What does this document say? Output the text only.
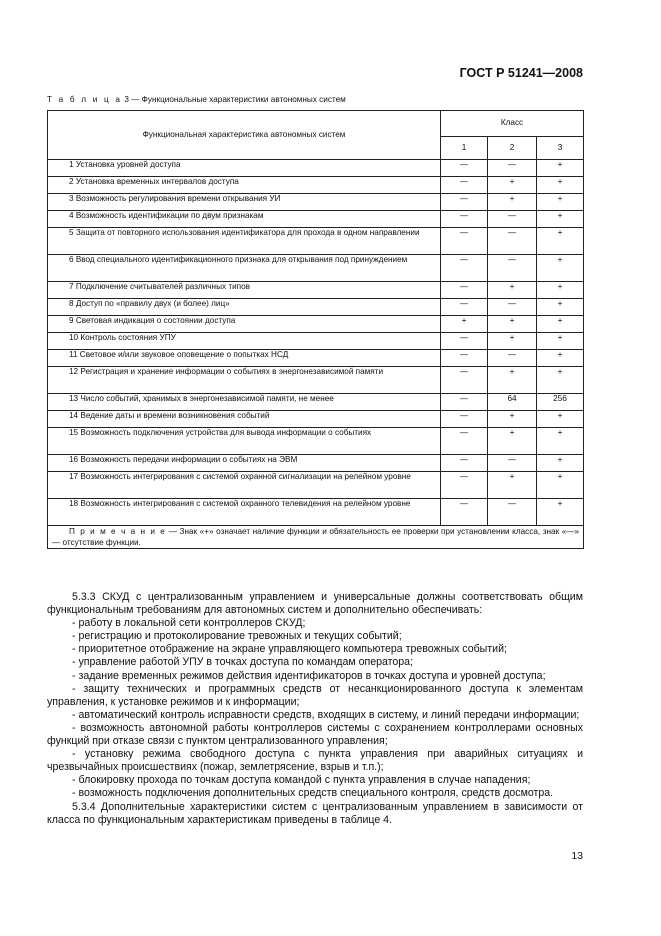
ГОСТ Р 51241—2008
Т а б л и ц а 3 — Функциональные характеристики автономных систем
Функциональная характеристика автономных систем	Класс		
	1	2	3
1 Установка уровней доступа	—	—	+
2 Установка временных интервалов доступа	—	+	+
3 Возможность регулирования времени открывания УИ	—	+	+
4 Возможность идентификации по двум признакам	—	—	+
5 Защита от повторного использования идентификатора для прохода в одном направлении	—	—	+
6 Ввод специального идентификационного признака для открывания под принуждением	—	—	+
7 Подключение считывателей различных типов	—	+	+
8 Доступ по «правилу двух (и более) лиц»	—	—	+
9 Световая индикация о состоянии доступа	+	+	+
10 Контроль состояния УПУ	—	+	+
11 Световое и/или звуковое оповещение о попытках НСД	—	—	+
12 Регистрация и хранение информации о событиях в энергонезависимой памяти	—	+	+
13 Число событий, хранимых в энергонезависимой памяти, не менее	—	64	256
14 Ведение даты и времени возникновения событий	—	+	+
15 Возможность подключения устройства для вывода информации о событиях	—	+	+
16 Возможность передачи информации о событиях на ЭВМ	—	—	+
17 Возможность интегрирования с системой охранной сигнализации на релейном уровне	—	+	+
18 Возможность интегрирования с системой охранного телевидения на релейном уровне	—	—	+
П р и м е ч а н и е — Знак «+» означает наличие функции и обязательность ее проверки при установлении класса, знак «—» — отсутствие функции.			

5.3.3 СКУД с централизованным управлением и универсальные должны соответствовать общим функциональным требованиям для автономных систем и дополнительно обеспечивать:

- работу в локальной сети контроллеров СКУД;

- регистрацию и протоколирование тревожных и текущих событий;

- приоритетное отображение на экране управляющего компьютера тревожных событий;

- управление работой УПУ в точках доступа по командам оператора;

- задание временных режимов действия идентификаторов в точках доступа и уровней доступа;

- защиту технических и программных средств от несанкционированного доступа к элементам управления, к установке режимов и к информации;

- автоматический контроль исправности средств, входящих в систему, и линий передачи информации;

- возможность автономной работы контроллеров системы с сохранением контроллерами основных функций при отказе связи с пунктом централизованного управления;

- установку режима свободного доступа с пункта управления при аварийных ситуациях и чрезвычайных происшествиях (пожар, землетрясение, взрыв и т.п.);

- блокировку прохода по точкам доступа командой с пункта управления в случае нападения;

- возможность подключения дополнительных средств специального контроля, средств досмотра.

5.3.4 Дополнительные характеристики систем с централизованным управлением в зависимости от класса по функциональным характеристикам приведены в таблице 4.

13
